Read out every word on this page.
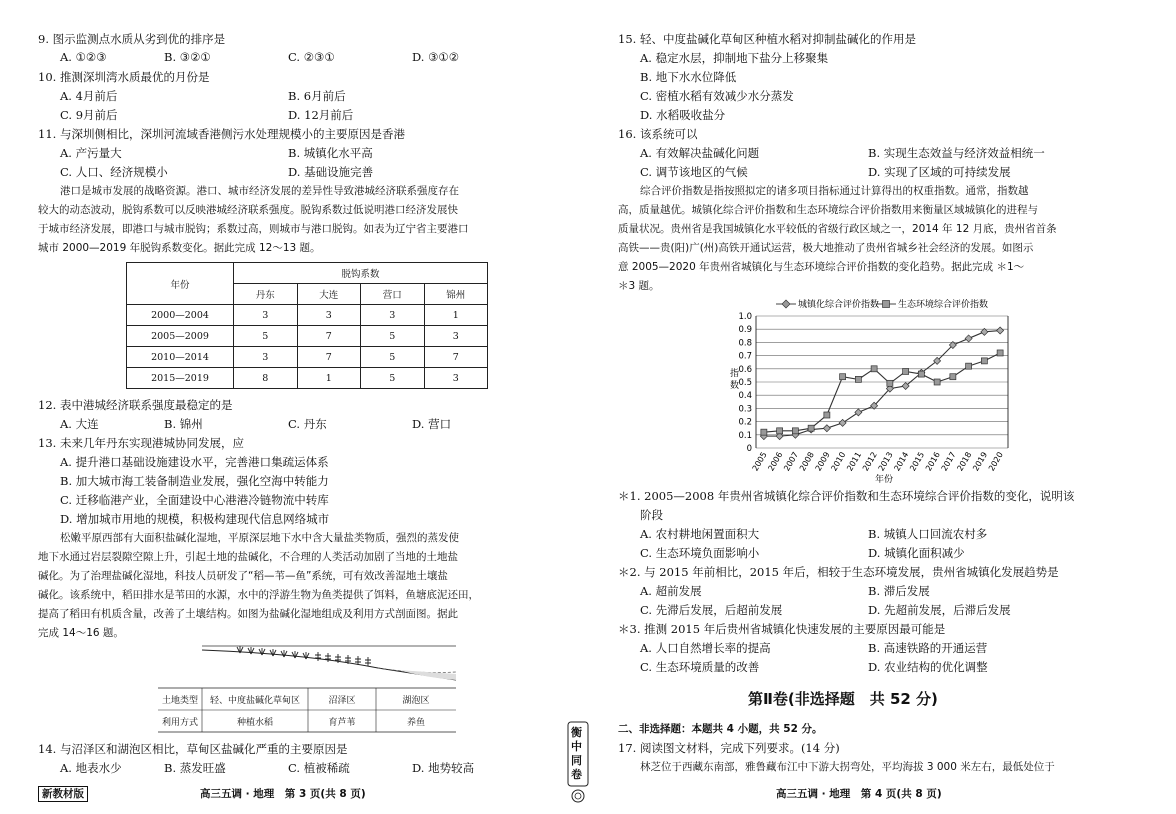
9. 图示监测点水质从劣到优的排序是
A. ①②③	B. ③②①	C. ②③①	D. ③①②
10. 推测深圳湾水质最优的月份是
A. 4月前后	B. 6月前后
C. 9月前后	D. 12月前后
11. 与深圳侧相比，深圳河流域香港侧污水处理规模小的主要原因是香港
A. 产污量大	B. 城镇化水平高
C. 人口、经济规模小	D. 基础设施完善
港口是城市发展的战略资源。港口、城市经济发展的差异性导致港城经济联系强度存在
较大的动态波动，脱钩系数可以反映港城经济联系强度。脱钩系数过低说明港口经济发展快
于城市经济发展，即港口与城市脱钩；系数过高，则城市与港口脱钩。如表为辽宁省主要港口
城市 2000—2019 年脱钩系数变化。据此完成 12～13 题。
年份	脱钩系数			
	丹东	大连	营口	锦州
2000—2004	3	3	3	1
2005—2009	5	7	5	3
2010—2014	3	7	5	7
2015—2019	8	1	5	3
12. 表中港城经济联系强度最稳定的是
A. 大连	B. 锦州	C. 丹东	D. 营口
13. 未来几年丹东实现港城协同发展，应
A. 提升港口基础设施建设水平，完善港口集疏运体系
B. 加大城市海工装备制造业发展，强化空海中转能力
C. 迁移临港产业，全面建设中心港港冷链物流中转库
D. 增加城市用地的规模，积极构建现代信息网络城市
松嫩平原西部有大面积盐碱化湿地，平原深层地下水中含大量盐类物质，强烈的蒸发使
地下水通过岩层裂隙空隙上升，引起土地的盐碱化，不合理的人类活动加剧了当地的土地盐
碱化。为了治理盐碱化湿地，科技人员研发了“稻—苇—鱼”系统，可有效改善湿地土壤盐
碱化。该系统中，稻田排水是苇田的水源，水中的浮游生物为鱼类提供了饵料，鱼塘底泥还田，
提高了稻田有机质含量，改善了土壤结构。如图为盐碱化湿地组成及利用方式剖面图。据此
完成 14～16 题。
土地类型 轻、中度盐碱化草甸区	沼泽区	湖泡区
利用方式	种植水稻	育芦苇	养鱼
14. 与沼泽区和湖泡区相比，草甸区盐碱化严重的主要原因是
A. 地表水少	B. 蒸发旺盛	C. 植被稀疏	D. 地势较高
新教材版	高三五调 · 地理　第 3 页(共 8 页)
衡中同卷
15. 轻、中度盐碱化草甸区种植水稻对抑制盐碱化的作用是
A. 稳定水层，抑制地下盐分上移聚集
B. 地下水水位降低
C. 密植水稻有效减少水分蒸发
D. 水稻吸收盐分
16. 该系统可以
A. 有效解决盐碱化问题	B. 实现生态效益与经济效益相统一
C. 调节该地区的气候	D. 实现了区域的可持续发展
综合评价指数是指按照拟定的诸多项目指标通过计算得出的权重指数。通常，指数越
高，质量越优。城镇化综合评价指数和生态环境综合评价指数用来衡量区域城镇化的进程与
质量状况。贵州省是我国城镇化水平较低的省级行政区域之一，2014 年 12 月底，贵州省首条
高铁——贵(阳)广(州)高铁开通试运营，极大地推动了贵州省城乡社会经济的发展。如图示
意 2005—2020 年贵州省城镇化与生态环境综合评价指数的变化趋势。据此完成 ＊1～
＊3 题。
城镇化综合评价指数 生态环境综合评价指数
0
0.1
0.2
0.3
0.4
0.5
0.6
0.7
0.8
0.9
1.0
2005
2006
2007
2008
2009
2010
2011
2012
2013
2014
2015
2016
2017
2018
2019
2020
指
数
年份
＊1. 2005—2008 年贵州省城镇化综合评价指数和生态环境综合评价指数的变化，说明该
阶段
A. 农村耕地闲置面积大	B. 城镇人口回流农村多
C. 生态环境负面影响小	D. 城镇化面积减少
＊2. 与 2015 年前相比，2015 年后，相较于生态环境发展，贵州省城镇化发展趋势是
A. 超前发展	B. 滞后发展
C. 先滞后发展，后超前发展	D. 先超前发展，后滞后发展
＊3. 推测 2015 年后贵州省城镇化快速发展的主要原因最可能是
A. 人口自然增长率的提高	B. 高速铁路的开通运营
C. 生态环境质量的改善	D. 农业结构的优化调整
第Ⅱ卷(非选择题　共 52 分)
二、非选择题：本题共 4 小题，共 52 分。
17. 阅读图文材料，完成下列要求。(14 分)
林芝位于西藏东南部，雅鲁藏布江中下游大拐弯处，平均海拔 3 000 米左右，最低处位于
高三五调 · 地理　第 4 页(共 8 页)
